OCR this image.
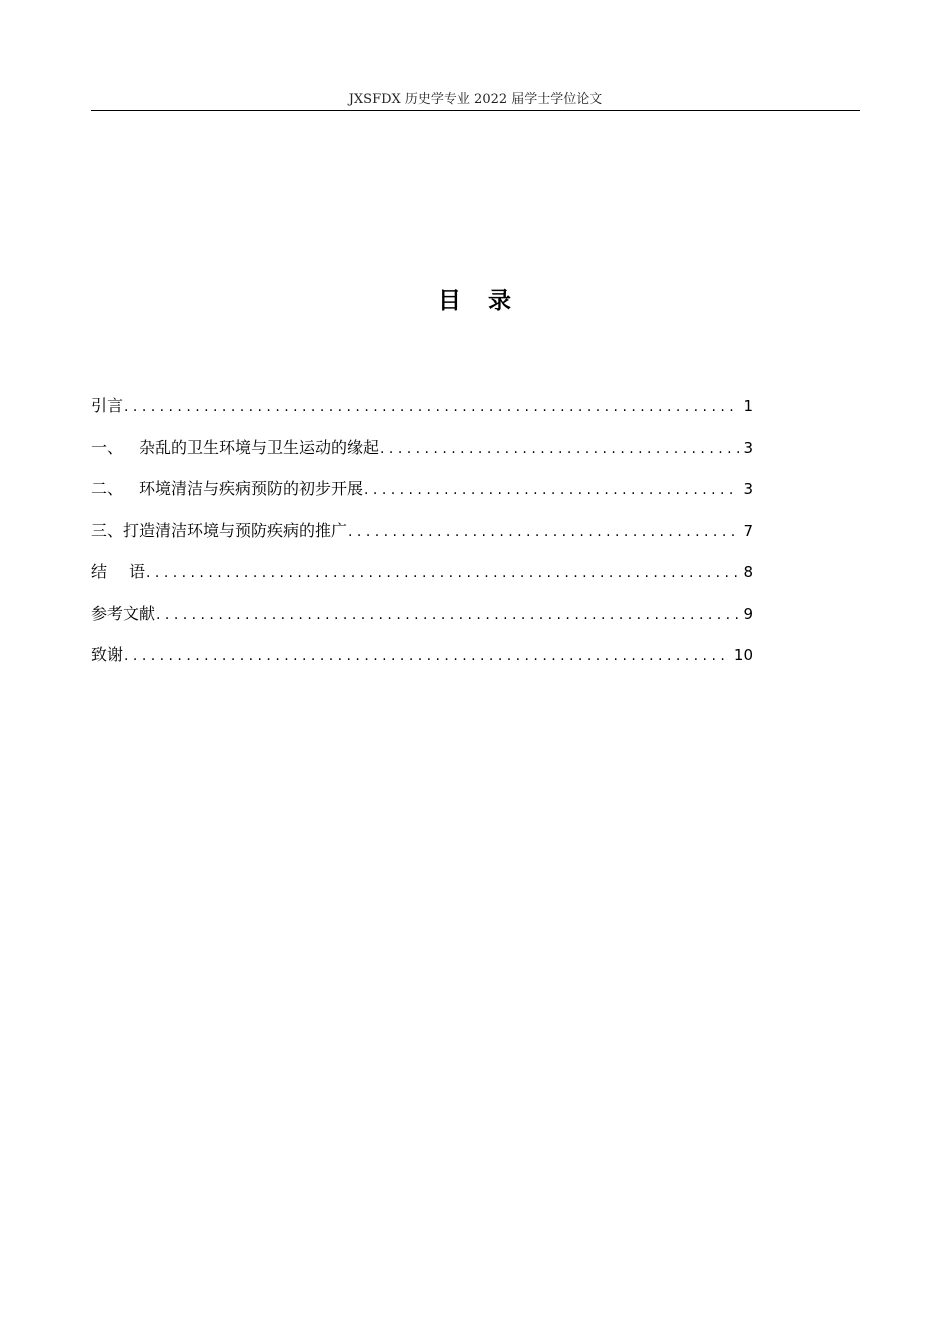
JXSFDX 历史学专业 2022 届学士学位论文
目 录
引言 . . .	1
一、 杂乱的卫生环境与卫生运动的缘起 . . .	3
二、 环境清洁与疾病预防的初步开展 . . .	3
三、打造清洁环境与预防疾病的推广 . . .	7
结语 . . .	8
参考文献 . . .	9
致谢 . . .	10
